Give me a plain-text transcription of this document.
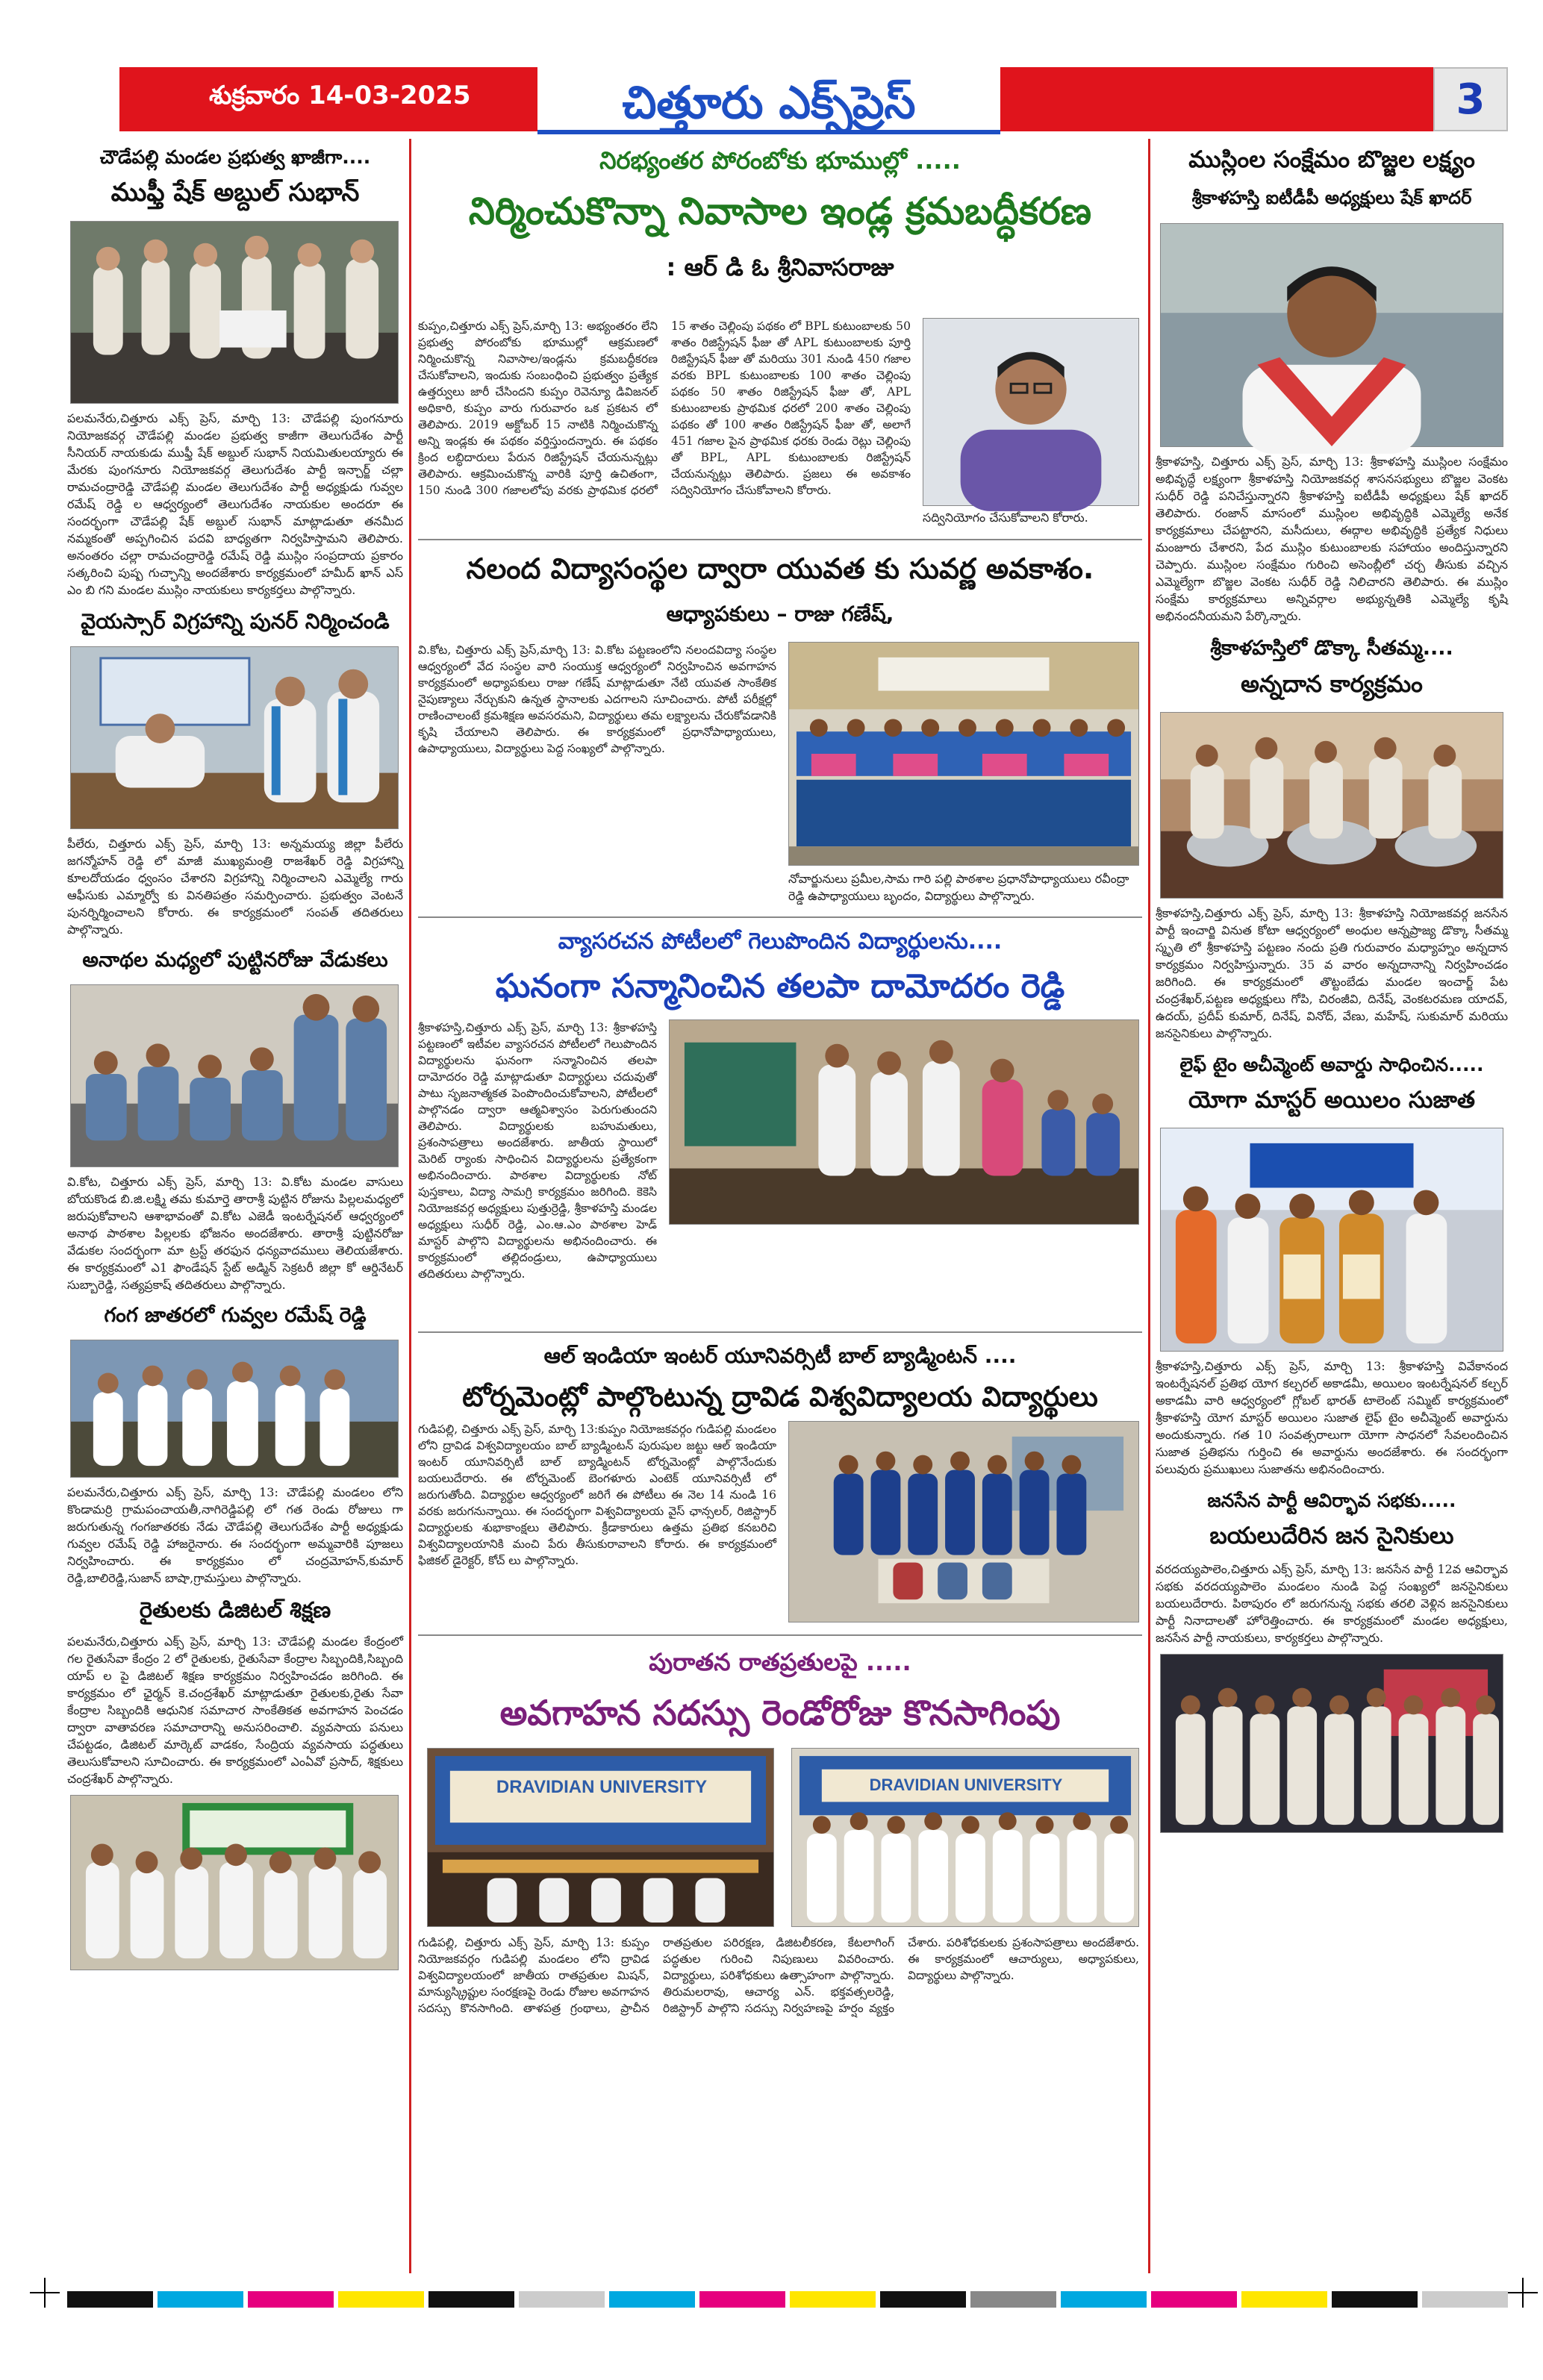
శుక్రవారం 14-03-2025	చిత్తూరు ఎక్స్‌ప్రెస్	3
చౌడేపల్లి మండల ప్రభుత్వ ఖాజీగా....
ముఫ్తీ షేక్ అబ్దుల్ సుభాన్

పలమనేరు,చిత్తూరు ఎక్స్ ప్రెస్, మార్చి 13: చౌడేపల్లి పుంగనూరు నియోజకవర్గ చౌడేపల్లి మండల ప్రభుత్వ కాజీగా తెలుగుదేశం పార్టీ సీనియర్ నాయకుడు ముఫ్తీ షేక్ అబ్దుల్ సుభాన్ నియమితులయ్యారు ఈ మేరకు పుంగనూరు నియోజకవర్గ తెలుగుదేశం పార్టీ ఇన్చార్జ్ చల్లా రామచంద్రారెడ్డి చౌడేపల్లి మండల తెలుగుదేశం పార్టీ అధ్యక్షుడు గువ్వల రమేష్ రెడ్డి ల ఆధ్వర్యంలో తెలుగుదేశం నాయకుల అందరూ ఈ సందర్భంగా చౌడేపల్లి షేక్ అబ్దుల్ సుభాన్ మాట్లాడుతూ తనమీద నమ్మకంతో అప్పగించిన పదవి బాధ్యతగా నిర్వహిస్తామని తెలిపారు. అనంతరం చల్లా రామచంద్రారెడ్డి రమేష్ రెడ్డి ముస్లిం సంప్రదాయ ప్రకారం సత్కరించి పుష్ప గుచ్ఛాన్ని అందజేశారు కార్యక్రమంలో హమీద్ ఖాన్ ఎస్ ఎం బి గని మండల ముస్లిం నాయకులు కార్యకర్తలు పాల్గొన్నారు.

వైయస్సార్ విగ్రహాన్ని పునర్ నిర్మించండి

పీలేరు, చిత్తూరు ఎక్స్ ప్రెస్, మార్చి 13: అన్నమయ్య జిల్లా పీలేరు జగన్మోహన్ రెడ్డి లో మాజీ ముఖ్యమంత్రి రాజశేఖర్ రెడ్డి విగ్రహాన్ని కూలదోయడం ధ్వంసం చేశారని విగ్రహాన్ని నిర్మించాలని ఎమ్మెల్యే గారు ఆఫీసుకు ఎమ్మార్వో కు వినతిపత్రం సమర్పించారు. ప్రభుత్వం వెంటనే పునర్నిర్మించాలని కోరారు. ఈ కార్యక్రమంలో సంపత్ తదితరులు పాల్గొన్నారు.

అనాథల మధ్యలో పుట్టినరోజు వేడుకలు

వి.కోట, చిత్తూరు ఎక్స్ ప్రెస్, మార్చి 13: వి.కోట మండల వాసులు బోయకొండ బి.జి.లక్ష్మి తమ కుమార్తె తారాశ్రీ పుట్టిన రోజును పిల్లలమధ్యలో జరుపుకోవాలని ఆశాభావంతో వి.కోట ఎజెడీ ఇంటర్నేషనల్ ఆధ్వర్యంలో అనాథ పాఠశాల పిల్లలకు భోజనం అందజేశారు. తారాశ్రీ పుట్టినరోజు వేడుకల సందర్భంగా మా ట్రస్ట్ తరఫున ధన్యవాదములు తెలియజేశారు. ఈ కార్యక్రమంలో ఎ1 ఫౌండేషన్ స్టేట్ అడ్మిన్ సెక్రటరీ జిల్లా కో ఆర్డినేటర్ సుబ్బారెడ్డి, సత్యప్రకాష్ తదితరులు పాల్గొన్నారు.

గంగ జాతరలో గువ్వల రమేష్ రెడ్డి

పలమనేరు,చిత్తూరు ఎక్స్ ప్రెస్, మార్చి 13: చౌడేపల్లి మండలం లోని కొండామర్రి గ్రామపంచాయతీ,నాగిరెడ్డిపల్లి లో గత రెండు రోజులు గా జరుగుతున్న గంగజాతరకు నేడు చౌడేపల్లి తెలుగుదేశం పార్టీ అధ్యక్షుడు గువ్వల రమేష్ రెడ్డి హాజరైనారు. ఈ సందర్భంగా అమ్మవారికి పూజలు నిర్వహించారు. ఈ కార్యక్రమం లో చంద్రమోహన్,కుమార్ రెడ్డి,బాలిరెడ్డి,సుజాన్ బాషా,గ్రామస్తులు పాల్గొన్నారు.

రైతులకు డిజిటల్ శిక్షణ

పలమనేరు,చిత్తూరు ఎక్స్ ప్రెస్, మార్చి 13: చౌడేపల్లి మండల కేంద్రంలో గల రైతుసేవా కేంద్రం 2 లో రైతులకు, రైతుసేవా కేంద్రాల సిబ్బందికి,సిబ్బంది యాప్ ల పై డిజిటల్ శిక్షణ కార్యక్రమం నిర్వహించడం జరిగింది. ఈ కార్యక్రమం లో ఛైర్మన్ కె.చంద్రశేఖర్ మాట్లాడుతూ రైతులకు,రైతు సేవా కేంద్రాల సిబ్బందికి ఆధునిక సమాచార సాంకేతికత అవగాహన పెంచడం ద్వారా వాతావరణ సమాచారాన్ని అనుసరించాలి. వ్యవసాయ పనులు చేపట్టడం, డిజిటల్ మార్కెట్ వాడకం, సేంద్రియ వ్యవసాయ పద్ధతులు తెలుసుకోవాలని సూచించారు. ఈ కార్యక్రమంలో ఎంఏవో ప్రసాద్, శిక్షకులు చంద్రశేఖర్ పాల్గొన్నారు.

నిరభ్యంతర పోరంబోకు భూముల్లో .....
నిర్మించుకొన్నా నివాసాల ఇండ్ల క్రమబద్ధీకరణ
: ఆర్ డి ఓ శ్రీనివాసరాజు

కుప్పం,చిత్తూరు ఎక్స్ ప్రెస్,మార్చి 13: అభ్యంతరం లేని ప్రభుత్వ పోరంబోకు భూముల్లో ఆక్రమణలో నిర్మించుకొన్న నివాసాల/ఇండ్లను క్రమబద్ధీకరణ చేసుకోవాలని, ఇందుకు సంబంధించి ప్రభుత్వం ప్రత్యేక ఉత్తర్వులు జారీ చేసిందని కుప్పం రెవెన్యూ డివిజనల్ అధికారి, కుప్పం వారు గురువారం ఒక ప్రకటన లో తెలిపారు. 2019 అక్టోబర్ 15 నాటికి నిర్మించుకొన్న అన్ని ఇండ్లకు ఈ పథకం వర్తిస్తుందన్నారు. ఈ పథకం క్రింద లబ్ధిదారులు పేరున రిజిస్ట్రేషన్ చేయనున్నట్లు తెలిపారు. ఆక్రమించుకొన్న వారికి పూర్తి ఉచితంగా, 150 నుండి 300 గజాలలోపు వరకు ప్రాథమిక ధరలో 15 శాతం చెల్లింపు పథకం లో BPL కుటుంబాలకు 50 శాతం రిజిస్ట్రేషన్ ఫీజు తో APL కుటుంబాలకు పూర్తి రిజిస్ట్రేషన్ ఫీజు తో మరియు 301 నుండి 450 గజాల వరకు BPL కుటుంబాలకు 100 శాతం చెల్లింపు పథకం 50 శాతం రిజిస్ట్రేషన్ ఫీజు తో, APL కుటుంబాలకు ప్రాథమిక ధరలో 200 శాతం చెల్లింపు పథకం తో 100 శాతం రిజిస్ట్రేషన్ ఫీజు తో, అలాగే 451 గజాల పైన ప్రాథమిక ధరకు రెండు రెట్లు చెల్లింపు తో BPL, APL కుటుంబాలకు రిజిస్ట్రేషన్ చేయనున్నట్లు తెలిపారు. ప్రజలు ఈ అవకాశం సద్వినియోగం చేసుకోవాలని కోరారు.

సద్వినియోగం చేసుకోవాలని కోరారు.
నలంద విద్యాసంస్థల ద్వారా యువత కు సువర్ణ అవకాశం.
ఆధ్యాపకులు – రాజు గణేష్,

వి.కోట, చిత్తూరు ఎక్స్ ప్రెస్,మార్చి 13: వి.కోట పట్టణంలోని నలందవిద్యా సంస్థల ఆధ్వర్యంలో వేద సంస్థల వారి సంయుక్త ఆధ్వర్యంలో నిర్వహించిన అవగాహన కార్యక్రమంలో అధ్యాపకులు రాజు గణేష్ మాట్లాడుతూ నేటి యువత సాంకేతిక నైపుణ్యాలు నేర్చుకుని ఉన్నత స్థానాలకు ఎదగాలని సూచించారు. పోటీ పరీక్షల్లో రాణించాలంటే క్రమశిక్షణ అవసరమని, విద్యార్థులు తమ లక్ష్యాలను చేరుకోవడానికి కృషి చేయాలని తెలిపారు. ఈ కార్యక్రమంలో ప్రధానోపాధ్యాయులు, ఉపాధ్యాయులు, విద్యార్థులు పెద్ద సంఖ్యలో పాల్గొన్నారు.

నోవార్జునులు ప్రమీల,సామ గారి పల్లి పాఠశాల ప్రధానోపాధ్యాయులు రవీంద్రా రెడ్డి ఉపాధ్యాయులు బృందం, విద్యార్థులు పాల్గొన్నారు.
వ్యాసరచన పోటీలలో గెలుపొందిన విద్యార్థులను....
ఘనంగా సన్మానించిన తలపా దామోదరం రెడ్డి

శ్రీకాళహస్తి,చిత్తూరు ఎక్స్ ప్రెస్, మార్చి 13: శ్రీకాళహస్తి పట్టణంలో ఇటీవల వ్యాసరచన పోటీలలో గెలుపొందిన విద్యార్థులను ఘనంగా సన్మానించిన తలపా దామోదరం రెడ్డి మాట్లాడుతూ విద్యార్థులు చదువుతో పాటు సృజనాత్మకత పెంపొందించుకోవాలని, పోటీలలో పాల్గొనడం ద్వారా ఆత్మవిశ్వాసం పెరుగుతుందని తెలిపారు. విద్యార్థులకు బహుమతులు, ప్రశంసాపత్రాలు అందజేశారు. జాతీయ స్థాయిలో మెరిట్ ర్యాంకు సాధించిన విద్యార్థులను ప్రత్యేకంగా అభినందించారు. పాఠశాల విద్యార్థులకు నోట్ పుస్తకాలు, విద్యా సామగ్రి కార్యక్రమం జరిగింది. కెకెసి నియోజకవర్గ అధ్యక్షులు పుత్తుర్రెడ్డి, శ్రీకాళహస్తి మండల అధ్యక్షులు సుధీర్ రెడ్డి, ఎం.ఆ.ఎం పాఠశాల హెడ్ మాస్టర్ పాల్గొని విద్యార్థులను అభినందించారు. ఈ కార్యక్రమంలో తల్లిదండ్రులు, ఉపాధ్యాయులు తదితరులు పాల్గొన్నారు.

ఆల్ ఇండియా ఇంటర్ యూనివర్సిటీ బాల్ బ్యాడ్మింటన్ ....
టోర్నమెంట్లో పాల్గొంటున్న ద్రావిడ విశ్వవిద్యాలయ విద్యార్థులు

గుడిపల్లి, చిత్తూరు ఎక్స్ ప్రెస్, మార్చి 13:కుప్పం నియోజకవర్గం గుడిపల్లి మండలం లోని ద్రావిడ విశ్వవిద్యాలయం బాల్ బ్యాడ్మింటన్ పురుషుల జట్టు ఆల్ ఇండియా ఇంటర్ యూనివర్సిటీ బాల్ బ్యాడ్మింటన్ టోర్నమెంట్లో పాల్గొనేందుకు బయలుదేరారు. ఈ టోర్నమెంట్ బెంగళూరు ఎంటెక్ యూనివర్సిటీ లో జరుగుతోంది. విద్యార్థుల ఆధ్వర్యంలో జరిగే ఈ పోటీలు ఈ నెల 14 నుండి 16 వరకు జరుగనున్నాయి. ఈ సందర్భంగా విశ్వవిద్యాలయ వైస్ ఛాన్సలర్, రిజిస్ట్రార్ విద్యార్థులకు శుభాకాంక్షలు తెలిపారు. క్రీడాకారులు ఉత్తమ ప్రతిభ కనబరిచి విశ్వవిద్యాలయానికి మంచి పేరు తీసుకురావాలని కోరారు. ఈ కార్యక్రమంలో ఫిజికల్ డైరెక్టర్, కోచ్ లు పాల్గొన్నారు.

పురాతన రాతప్రతులపై .....
అవగాహన సదస్సు రెండోరోజు కొనసాగింపు
DRAVIDIAN UNIVERSITY	DRAVIDIAN UNIVERSITY

గుడిపల్లి, చిత్తూరు ఎక్స్ ప్రెస్, మార్చి 13: కుప్పం నియోజకవర్గం గుడిపల్లి మండలం లోని ద్రావిడ విశ్వవిద్యాలయంలో జాతీయ రాతప్రతుల మిషన్, మాన్యుస్క్రిప్టుల సంరక్షణపై రెండు రోజుల అవగాహన సదస్సు కొనసాగింది. తాళపత్ర గ్రంథాలు, ప్రాచీన రాతప్రతుల పరిరక్షణ, డిజిటలీకరణ, కేటలాగింగ్ పద్ధతుల గురించి నిపుణులు వివరించారు. విద్యార్థులు, పరిశోధకులు ఉత్సాహంగా పాల్గొన్నారు. తిరుమలరావు, ఆచార్య ఎన్. భక్తవత్సలరెడ్డి, రిజిస్ట్రార్ పాల్గొని సదస్సు నిర్వహణపై హర్షం వ్యక్తం చేశారు. పరిశోధకులకు ప్రశంసాపత్రాలు అందజేశారు. ఈ కార్యక్రమంలో ఆచార్యులు, అధ్యాపకులు, విద్యార్థులు పాల్గొన్నారు.

ముస్లింల సంక్షేమం బొజ్జల లక్ష్యం
శ్రీకాళహస్తి ఐటీడీపీ అధ్యక్షులు షేక్ ఖాదర్

శ్రీకాళహస్తి, చిత్తూరు ఎక్స్ ప్రెస్, మార్చి 13: శ్రీకాళహస్తి ముస్లింల సంక్షేమం అభివృద్ధే లక్ష్యంగా శ్రీకాళహస్తి నియోజకవర్గ శాసనసభ్యులు బొజ్జల వెంకట సుధీర్ రెడ్డి పనిచేస్తున్నారని శ్రీకాళహస్తి ఐటీడీపీ అధ్యక్షులు షేక్ ఖాదర్ తెలిపారు. రంజాన్ మాసంలో ముస్లింల అభివృద్ధికి ఎమ్మెల్యే అనేక కార్యక్రమాలు చేపట్టారని, మసీదులు, ఈద్గాల అభివృద్ధికి ప్రత్యేక నిధులు మంజూరు చేశారని, పేద ముస్లిం కుటుంబాలకు సహాయం అందిస్తున్నారని చెప్పారు. ముస్లింల సంక్షేమం గురించి అసెంబ్లీలో చర్చ తీసుకు వచ్చిన ఎమ్మెల్యేగా బొజ్జల వెంకట సుధీర్ రెడ్డి నిలిచారని తెలిపారు. ఈ ముస్లిం సంక్షేమ కార్యక్రమాలు అన్నివర్గాల అభ్యున్నతికి ఎమ్మెల్యే కృషి అభినందనీయమని పేర్కొన్నారు.

శ్రీకాళహస్తిలో డొక్కా సీతమ్మ....
అన్నదాన కార్యక్రమం

శ్రీకాళహస్తి,చిత్తూరు ఎక్స్ ప్రెస్, మార్చి 13: శ్రీకాళహస్తి నియోజకవర్గ జనసేన పార్టీ ఇంచార్జి వినుత కోటా ఆధ్వర్యంలో అంధుల ఆన్నప్రాజ్య డొక్కా సీతమ్మ స్మృతి లో శ్రీకాళహస్తి పట్టణం నందు ప్రతి గురువారం మధ్యాహ్నం అన్నదాన కార్యక్రమం నిర్వహిస్తున్నారు. 35 వ వారం అన్నదానాన్ని నిర్వహించడం జరిగింది. ఈ కార్యక్రమంలో తొట్టంబేడు మండల ఇంచార్జ్ పేట చంద్రశేఖర్,పట్టణ అధ్యక్షులు గోపి, చిరంజీవి, దినేష్, వెంకటరమణ యాదవ్, ఉదయ్, ప్రదీప్ కుమార్, దినేష్, వినోద్, వేణు, మహేష్, సుకుమార్ మరియు జనసైనికులు పాల్గొన్నారు.

లైఫ్ టైం అచీవ్మెంట్ అవార్డు సాధించిన.....
యోగా మాస్టర్ అయిలం సుజాత

శ్రీకాళహస్తి,చిత్తూరు ఎక్స్ ప్రెస్, మార్చి 13: శ్రీకాళహస్తి వివేకానంద ఇంటర్నేషనల్ ప్రతిభ యోగ కల్చరల్ అకాడమీ, అయిలం ఇంటర్నేషనల్ కల్చర్ అకాడమీ వారి ఆధ్వర్యంలో గ్లోబల్ భారత్ టాలెంట్ సమ్మిట్ కార్యక్రమంలో శ్రీకాళహస్తి యోగ మాస్టర్ అయిలం సుజాత లైఫ్ టైం అచీవ్మెంట్ అవార్డును అందుకున్నారు. గత 10 సంవత్సరాలుగా యోగా సాధనలో సేవలందించిన సుజాత ప్రతిభను గుర్తించి ఈ అవార్డును అందజేశారు. ఈ సందర్భంగా పలువురు ప్రముఖులు సుజాతను అభినందించారు.

జనసేన పార్టీ ఆవిర్భావ సభకు.....
బయలుదేరిన జన సైనికులు

వరదయ్యపాలెం,చిత్తూరు ఎక్స్ ప్రెస్, మార్చి 13: జనసేన పార్టీ 12వ ఆవిర్భావ సభకు వరదయ్యపాలెం మండలం నుండి పెద్ద సంఖ్యలో జనసైనికులు బయలుదేరారు. పిఠాపురం లో జరుగనున్న సభకు తరలి వెళ్లిన జనసైనికులు పార్టీ నినాదాలతో హోరెత్తించారు. ఈ కార్యక్రమంలో మండల అధ్యక్షులు, జనసేన పార్టీ నాయకులు, కార్యకర్తలు పాల్గొన్నారు.
